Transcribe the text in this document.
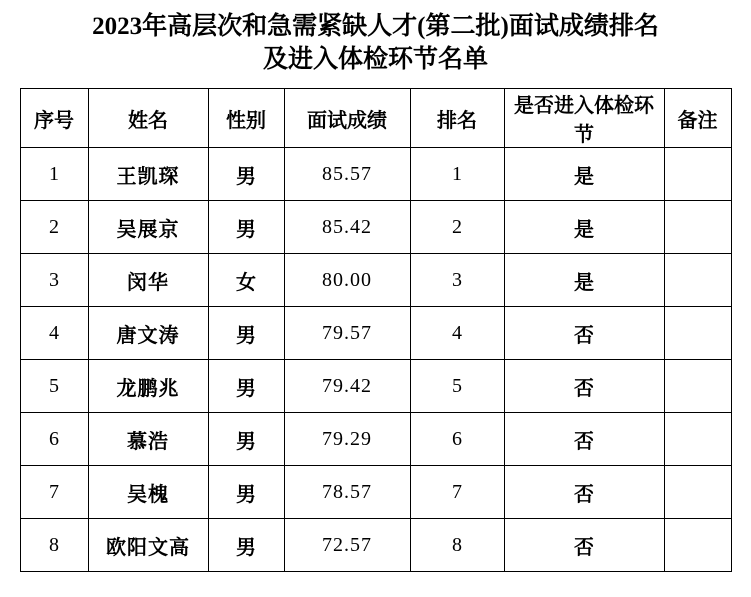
2023年高层次和急需紧缺人才(第二批)面试成绩排名
及进入体检环节名单
序号	姓名	性别	面试成绩	排名	是否进入体检环节	备注
1	王凯琛	男	85.57	1	是	
2	吴展京	男	85.42	2	是	
3	闵华	女	80.00	3	是	
4	唐文涛	男	79.57	4	否	
5	龙鹏兆	男	79.42	5	否	
6	慕浩	男	79.29	6	否	
7	吴槐	男	78.57	7	否	
8	欧阳文高	男	72.57	8	否	
